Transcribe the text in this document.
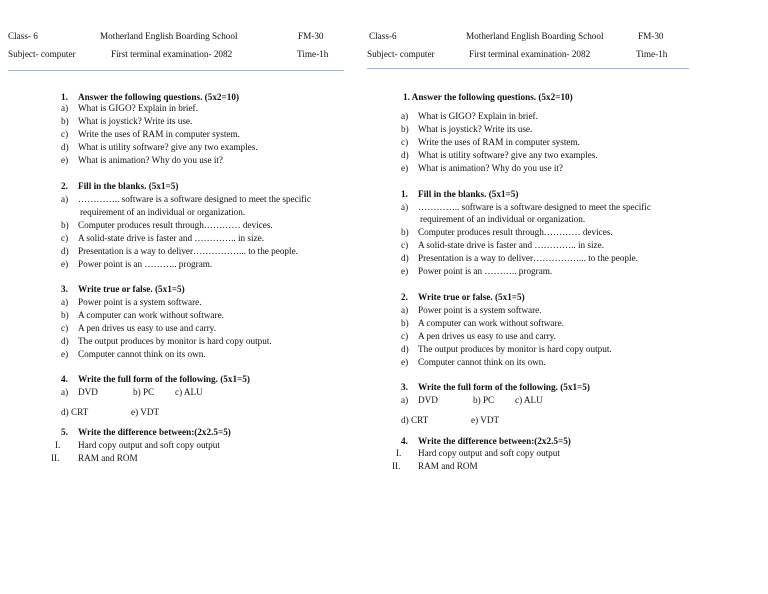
Class- 6	Motherland English Boarding School	FM-30
Subject- computer	First terminal examination- 2082	Time-1h
1. Answer the following questions. (5x2=10)
a) What is GIGO? Explain in brief.
b) What is joystick? Write its use.
c) Write the uses of RAM in computer system.
d) What is utility software? give any two examples.
e) What is animation? Why do you use it?
2. Fill in the blanks. (5x1=5)
a) ………….. software is a software designed to meet the specific
requirement of an individual or organization.
b) Computer produces result through………… devices.
c) A solid-state drive is faster and ………….. in size.
d) Presentation is a way to deliver……………... to the people.
e) Power point is an ……….. program.
3. Write true or false. (5x1=5)
a) Power point is a system software.
b) A computer can work without software.
c) A pen drives us easy to use and carry.
d) The output produces by monitor is hard copy output.
e) Computer cannot think on its own.
4. Write the full form of the following. (5x1=5)
a) DVD	b) PC c) ALU
d) CRT	e) VDT
5. Write the difference between:(2x2.5=5)
I. Hard copy output and soft copy output
II. RAM and ROM
Class-6	Motherland English Boarding School	FM-30
Subject- computer	First terminal examination- 2082	Time-1h
1. Answer the following questions. (5x2=10)
a) What is GIGO? Explain in brief.
b) What is joystick? Write its use.
c) Write the uses of RAM in computer system.
d) What is utility software? give any two examples.
e) What is animation? Why do you use it?
1. Fill in the blanks. (5x1=5)
a) ………….. software is a software designed to meet the specific
requirement of an individual or organization.
b) Computer produces result through………… devices.
c) A solid-state drive is faster and ………….. in size.
d) Presentation is a way to deliver……………... to the people.
e) Power point is an ……….. program.
2. Write true or false. (5x1=5)
a) Power point is a system software.
b) A computer can work without software.
c) A pen drives us easy to use and carry.
d) The output produces by monitor is hard copy output.
e) Computer cannot think on its own.
3. Write the full form of the following. (5x1=5)
a) DVD	b) PC c) ALU
d) CRT	e) VDT
4. Write the difference between:(2x2.5=5)
I. Hard copy output and soft copy output
II. RAM and ROM
